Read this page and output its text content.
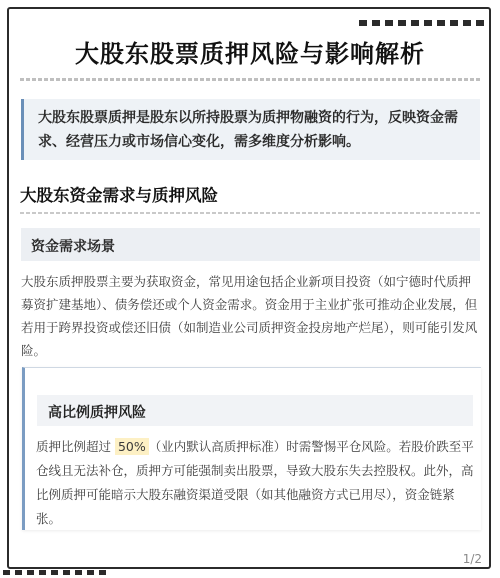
大股东股票质押风险与影响解析
大股东股票质押是股东以所持股票为质押物融资的行为，反映资金需求、经营压力或市场信心变化，需多维度分析影响。
大股东资金需求与质押风险
资金需求场景
大股东质押股票主要为获取资金，常见用途包括企业新项目投资（如宁德时代质押募资扩建基地）、债务偿还或个人资金需求。资金用于主业扩张可推动企业发展，但若用于跨界投资或偿还旧债（如制造业公司质押资金投房地产烂尾），则可能引发风险。
高比例质押风险
质押比例超过 50% （业内默认高质押标准）时需警惕平仓风险。若股价跌至平仓线且无法补仓，质押方可能强制卖出股票，导致大股东失去控股权。此外，高比例质押可能暗示大股东融资渠道受限（如其他融资方式已用尽），资金链紧张。
1/2
